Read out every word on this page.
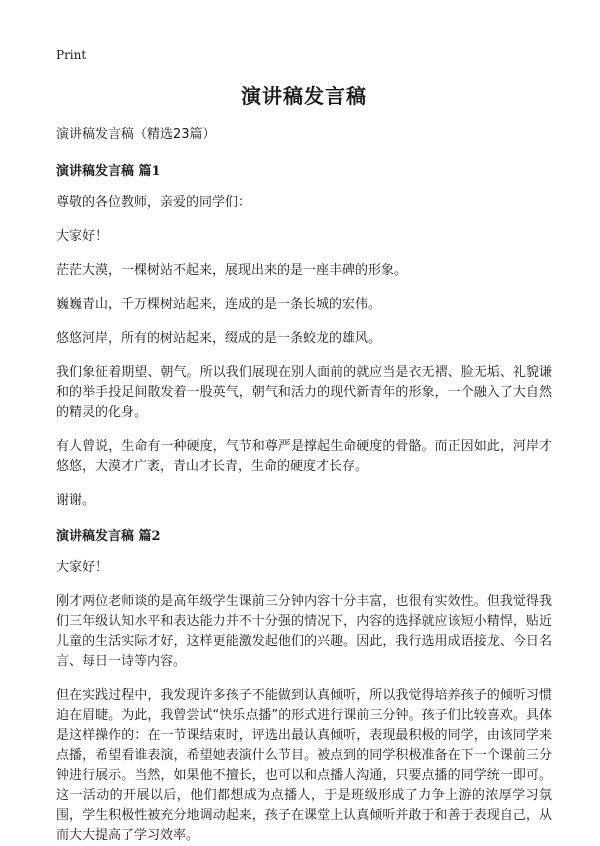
Print
演讲稿发言稿
演讲稿发言稿（精选23篇）
演讲稿发言稿 篇1

尊敬的各位教师，亲爱的同学们：

大家好！

茫茫大漠，一棵树站不起来，展现出来的是一座丰碑的形象。

巍巍青山，千万棵树站起来，连成的是一条长城的宏伟。

悠悠河岸，所有的树站起来，缀成的是一条蛟龙的雄风。

我们象征着期望、朝气。所以我们展现在别人面前的就应当是衣无褶、脸无垢、礼貌谦和的举手投足间散发着一股英气，朝气和活力的现代新青年的形象，一个融入了大自然的精灵的化身。

有人曾说，生命有一种硬度，气节和尊严是撑起生命硬度的骨骼。而正因如此，河岸才悠悠，大漠才广袤，青山才长青，生命的硬度才长存。

谢谢。

演讲稿发言稿 篇2

大家好！

刚才两位老师谈的是高年级学生课前三分钟内容十分丰富，也很有实效性。但我觉得我们三年级认知水平和表达能力并不十分强的情况下，内容的选择就应该短小精悍，贴近儿童的生活实际才好，这样更能激发起他们的兴趣。因此，我行选用成语接龙、今日名言、每日一诗等内容。

但在实践过程中，我发现许多孩子不能做到认真倾听，所以我觉得培养孩子的倾听习惯迫在眉睫。为此，我曾尝试“快乐点播”的形式进行课前三分钟。孩子们比较喜欢。具体是这样操作的：在一节课结束时，评选出最认真倾听，表现最积极的同学，由该同学来点播，希望看谁表演，希望她表演什么节目。被点到的同学积极准备在下一个课前三分钟进行展示。当然，如果他不擅长，也可以和点播人沟通，只要点播的同学统一即可。这一活动的开展以后，他们都想成为点播人，于是班级形成了力争上游的浓厚学习氛围，学生积极性被充分地调动起来，孩子在课堂上认真倾听并敢于和善于表现自己，从而大大提高了学习效率。
